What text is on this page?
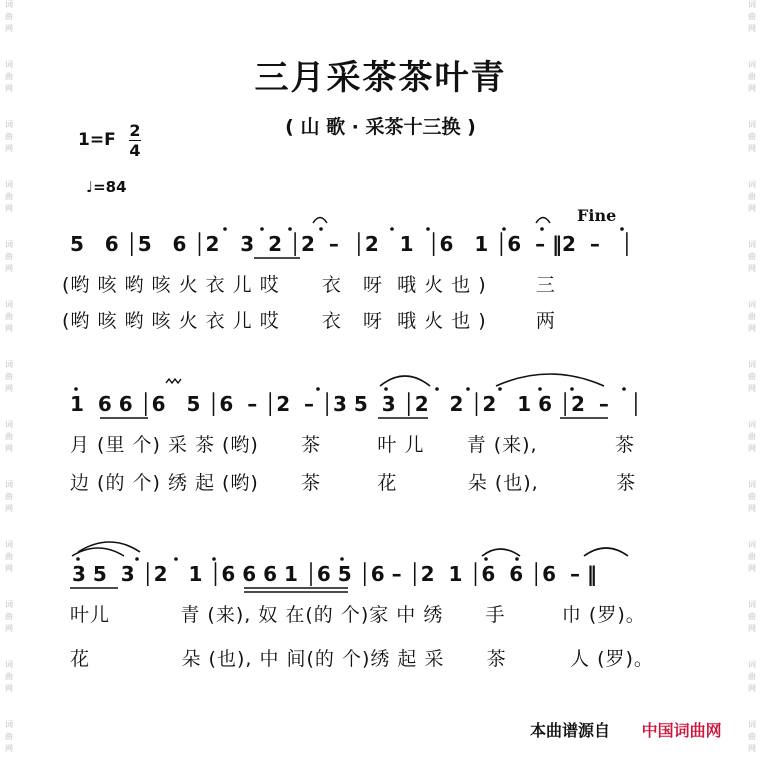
词
曲
网
词
曲
网
词
曲
网
词
曲
网
词
曲
网
词
曲
网
词
曲
网
词
曲
网
词
曲
网
词
曲
网
词
曲
网
词
曲
网
词
曲
网
词
曲
网
词
曲
网
词
曲
网
词
曲
网
词
曲
网
词
曲
网
词
曲
网
词
曲
网
词
曲
网
词
曲
网
词
曲
网
词
曲
网
词
曲
网
三月采茶茶叶青
( 山 歌 · 采茶十三换 )
1=F 2
4
♩=84
Fine
5   6 │5   6 │2   3  2 │2  –  │2   1  │6   1 │6  – ‖2  –   │
(哟 咳 哟 咳 火 衣 儿 哎      衣   呀  哦 火 也 )       三
(哟 咳 哟 咳 火 衣 儿 哎      衣   呀  哦 火 也 )       两
1  6 6 │6   5 │6  – │2  – │3 5  3 │2   2 │2   1 6 │2  –   │
月 (里 个) 采 茶 (哟)      茶        叶 儿      青 (来),           茶
边 (的 个) 绣 起 (哟)      茶        花          朵 (也),           茶
3 5  3 │2   1 │6 6 6 1 │6 5 │6 – │2  1 │6  6 │6  – ‖
叶儿          青 (来), 奴 在(的 个)家 中 绣      手        巾 (罗)。
花             朵 (也), 中 间(的 个)绣 起 采      茶         人 (罗)。
本曲谱源自 中国词曲网
